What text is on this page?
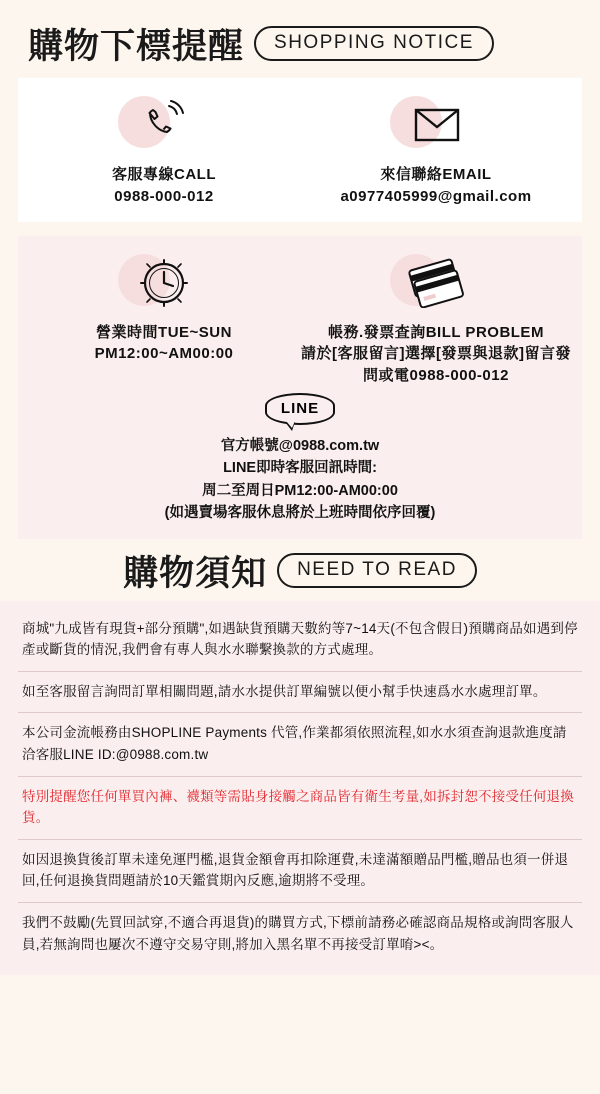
購物下標提醒	SHOPPING NOTICE
客服專線CALL
0988-000-012
來信聯絡EMAIL
a0977405999@gmail.com
營業時間TUE~SUN
PM12:00~AM00:00
帳務.發票查詢BILL PROBLEM
請於[客服留言]選擇[發票與退款]留言發
問或電0988-000-012
LINE
官方帳號@0988.com.tw
LINE即時客服回訊時間:
周二至周日PM12:00-AM00:00
(如遇賣場客服休息將於上班時間依序回覆)
購物須知	NEED TO READ
商城"九成皆有現貨+部分預購",如遇缺貨預購天數約等7~14天(不包含假日)預購商品如遇到停產或斷貨的情況,我們會有專人與水水聯繫換款的方式處理。
如至客服留言詢問訂單相關問題,請水水提供訂單編號以便小幫手快速爲水水處理訂單。
本公司金流帳務由SHOPLINE Payments 代管,作業都須依照流程,如水水須查詢退款進度請洽客服LINE ID:@0988.com.tw
特別提醒您任何單買內褲、襪類等需貼身接觸之商品皆有衛生考量,如拆封恕不接受任何退換貨。
如因退換貨後訂單未達免運門檻,退貨金額會再扣除運費,未達滿額贈品門檻,贈品也須一併退回,任何退換貨問題請於10天鑑賞期內反應,逾期將不受理。
我們不鼓勵(先買回試穿,不適合再退貨)的購買方式,下標前請務必確認商品規格或詢問客服人員,若無詢問也屢次不遵守交易守則,將加入黑名單不再接受訂單唷><。
